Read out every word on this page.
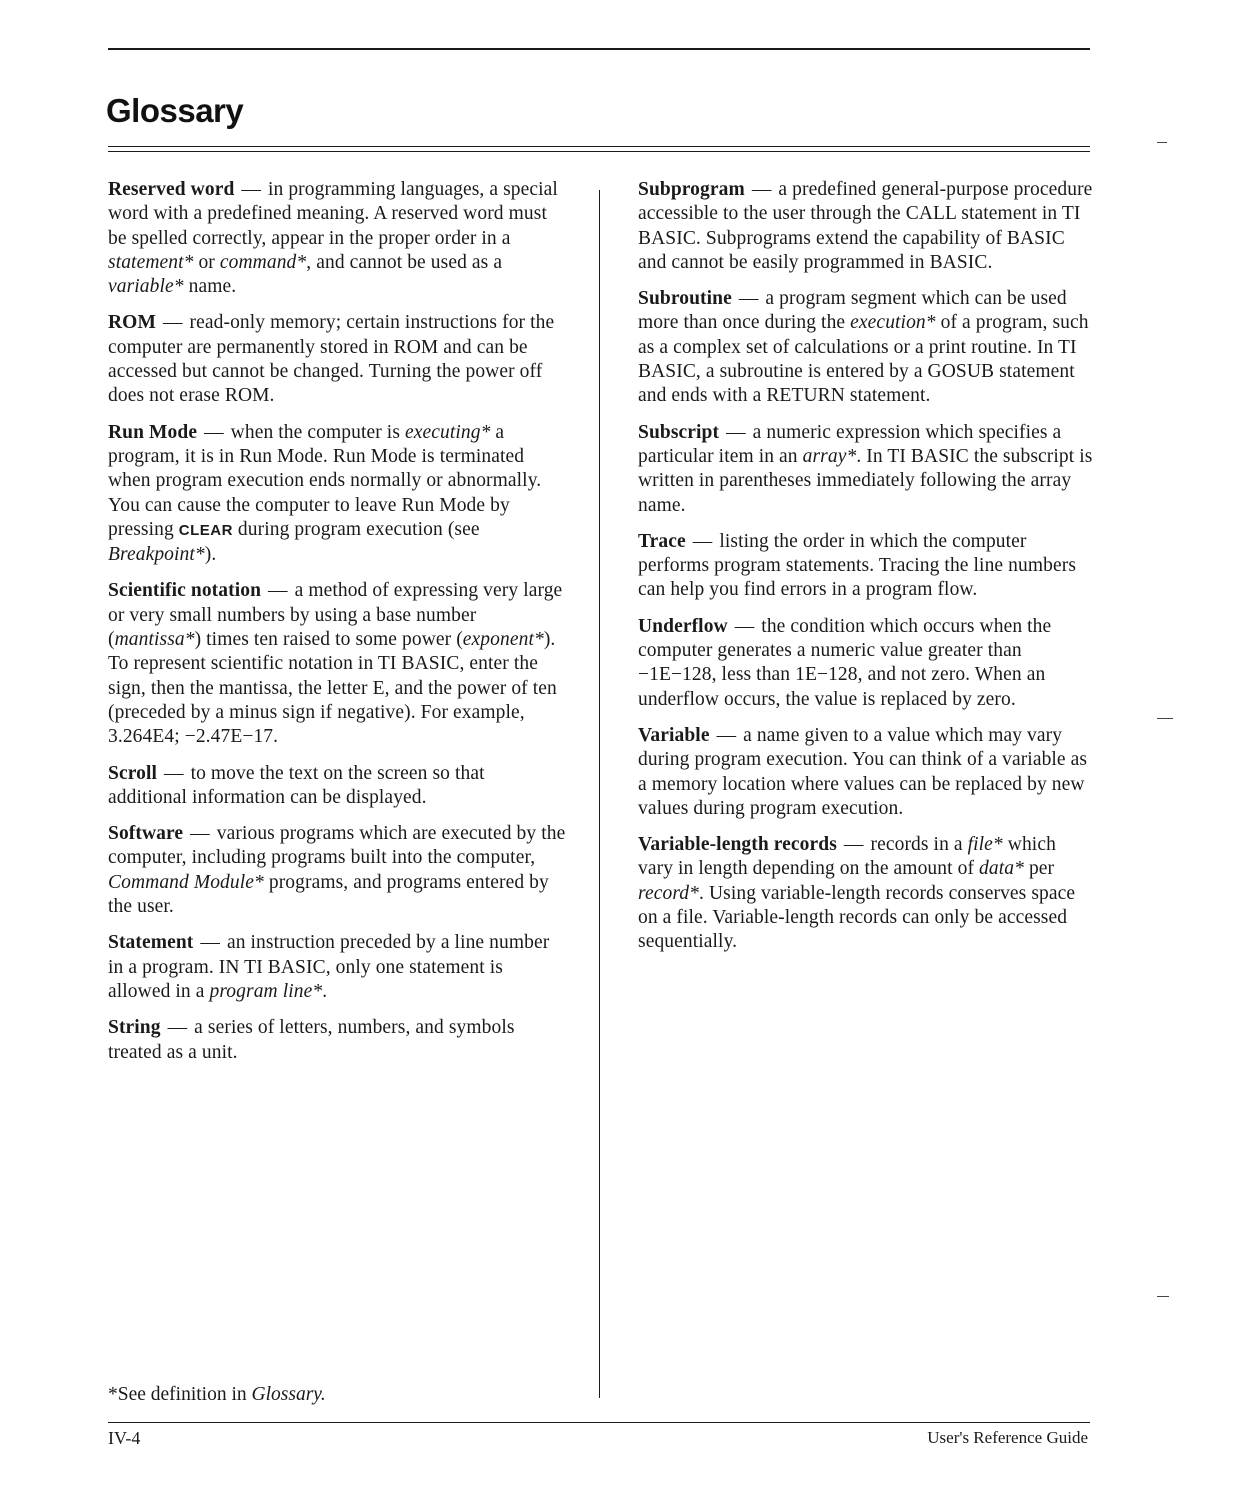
Glossary

Reserved word — in programming languages, a special word with a predefined meaning. A reserved word must be spelled correctly, appear in the proper order in a statement* or command*, and cannot be used as a variable* name.

ROM — read-only memory; certain instructions for the computer are permanently stored in ROM and can be accessed but cannot be changed. Turning the power off does not erase ROM.

Run Mode — when the computer is executing* a program, it is in Run Mode. Run Mode is terminated when program execution ends normally or abnormally. You can cause the computer to leave Run Mode by pressing CLEAR during program execution (see Breakpoint*).

Scientific notation — a method of expressing very large or very small numbers by using a base number (mantissa*) times ten raised to some power (exponent*). To represent scientific notation in TI BASIC, enter the sign, then the mantissa, the letter E, and the power of ten (preceded by a minus sign if negative). For example, 3.264E4; −2.47E−17.

Scroll — to move the text on the screen so that additional information can be displayed.

Software — various programs which are executed by the computer, including programs built into the computer, Command Module* programs, and programs entered by the user.

Statement — an instruction preceded by a line number in a program. IN TI BASIC, only one statement is allowed in a program line*.

String — a series of letters, numbers, and symbols treated as a unit.

Subprogram — a predefined general-purpose procedure accessible to the user through the CALL statement in TI BASIC. Subprograms extend the capability of BASIC and cannot be easily programmed in BASIC.

Subroutine — a program segment which can be used more than once during the execution* of a program, such as a complex set of calculations or a print routine. In TI BASIC, a subroutine is entered by a GOSUB statement and ends with a RETURN statement.

Subscript — a numeric expression which specifies a particular item in an array*. In TI BASIC the subscript is written in parentheses immediately following the array name.

Trace — listing the order in which the computer performs program statements. Tracing the line numbers can help you find errors in a program flow.

Underflow — the condition which occurs when the computer generates a numeric value greater than −1E−128, less than 1E−128, and not zero. When an underflow occurs, the value is replaced by zero.

Variable — a name given to a value which may vary during program execution. You can think of a variable as a memory location where values can be replaced by new values during program execution.

Variable-length records — records in a file* which vary in length depending on the amount of data* per record*. Using variable-length records conserves space on a file. Variable-length records can only be accessed sequentially.

*See definition in Glossary.

IV-4	User's Reference Guide
